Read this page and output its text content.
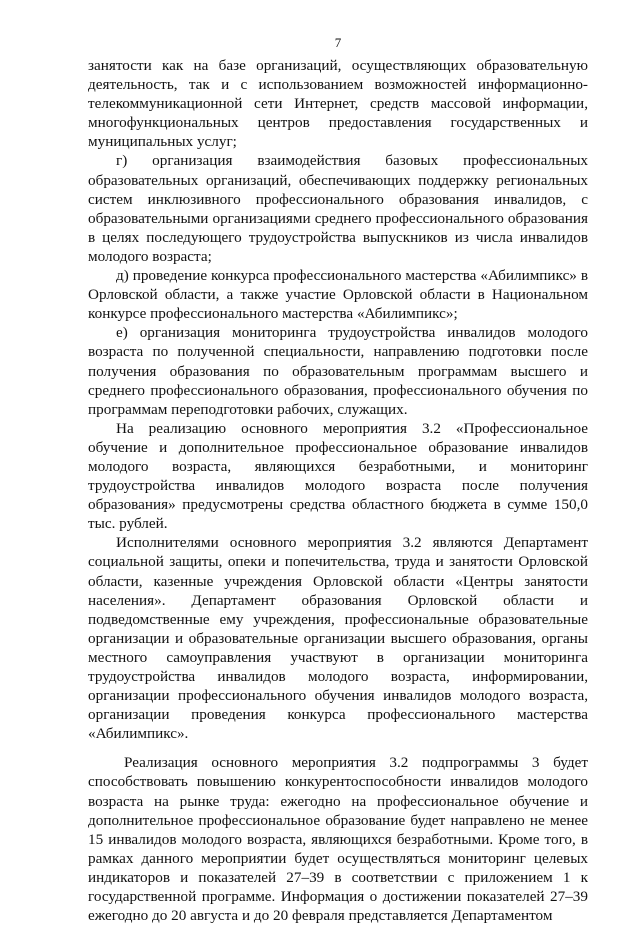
7

занятости как на базе организаций, осуществляющих образовательную деятельность, так и с использованием возможностей информационно-телекоммуникационной сети Интернет, средств массовой информации, многофункциональных центров предоставления государственных и муниципальных услуг;

г) организация взаимодействия базовых профессиональных образовательных организаций, обеспечивающих поддержку региональных систем инклюзивного профессионального образования инвалидов, с образовательными организациями среднего профессионального образования в целях последующего трудоустройства выпускников из числа инвалидов молодого возраста;

д) проведение конкурса профессионального мастерства «Абилимпикс» в Орловской области, а также участие Орловской области в Национальном конкурсе профессионального мастерства «Абилимпикс»;

е) организация мониторинга трудоустройства инвалидов молодого возраста по полученной специальности, направлению подготовки после получения образования по образовательным программам высшего и среднего профессионального образования, профессионального обучения по программам переподготовки рабочих, служащих.

На реализацию основного мероприятия 3.2 «Профессиональное обучение и дополнительное профессиональное образование инвалидов молодого возраста, являющихся безработными, и мониторинг трудоустройства инвалидов молодого возраста после получения образования» предусмотрены средства областного бюджета в сумме 150,0 тыс. рублей.

Исполнителями основного мероприятия 3.2 являются Департамент социальной защиты, опеки и попечительства, труда и занятости Орловской области, казенные учреждения Орловской области «Центры занятости населения». Департамент образования Орловской области и подведомственные ему учреждения, профессиональные образовательные организации и образовательные организации высшего образования, органы местного самоуправления участвуют в организации мониторинга трудоустройства инвалидов молодого возраста, информировании, организации профессионального обучения инвалидов молодого возраста, организации проведения конкурса профессионального мастерства «Абилимпикс».

Реализация основного мероприятия 3.2 подпрограммы 3 будет способствовать повышению конкурентоспособности инвалидов молодого возраста на рынке труда: ежегодно на профессиональное обучение и дополнительное профессиональное образование будет направлено не менее 15 инвалидов молодого возраста, являющихся безработными. Кроме того, в рамках данного мероприятии будет осуществляться мониторинг целевых индикаторов и показателей 27–39 в соответствии с приложением 1 к государственной программе. Информация о достижении показателей 27–39 ежегодно до 20 августа и до 20 февраля представляется Департаментом
